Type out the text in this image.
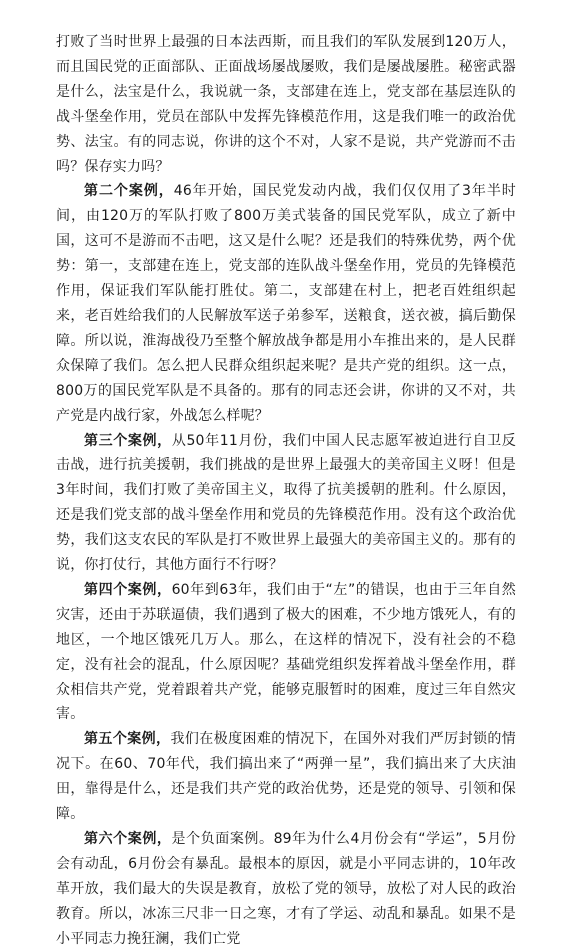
打败了当时世界上最强的日本法西斯，而且我们的军队发展到120万人，而且国民党的正面部队、正面战场屡战屡败，我们是屡战屡胜。秘密武器是什么，法宝是什么，我说就一条，支部建在连上，党支部在基层连队的战斗堡垒作用，党员在部队中发挥先锋模范作用，这是我们唯一的政治优势、法宝。有的同志说，你讲的这个不对，人家不是说，共产党游而不击吗？保存实力吗？

第二个案例，46年开始，国民党发动内战，我们仅仅用了3年半时间，由120万的军队打败了800万美式装备的国民党军队，成立了新中国，这可不是游而不击吧，这又是什么呢？还是我们的特殊优势，两个优势：第一，支部建在连上，党支部的连队战斗堡垒作用，党员的先锋模范作用，保证我们军队能打胜仗。第二，支部建在村上，把老百姓组织起来，老百姓给我们的人民解放军送子弟参军，送粮食，送衣被，搞后勤保障。所以说，淮海战役乃至整个解放战争都是用小车推出来的，是人民群众保障了我们。怎么把人民群众组织起来呢？是共产党的组织。这一点，800万的国民党军队是不具备的。那有的同志还会讲，你讲的又不对，共产党是内战行家，外战怎么样呢？

第三个案例，从50年11月份，我们中国人民志愿军被迫进行自卫反击战，进行抗美援朝，我们挑战的是世界上最强大的美帝国主义呀！但是3年时间，我们打败了美帝国主义，取得了抗美援朝的胜利。什么原因，还是我们党支部的战斗堡垒作用和党员的先锋模范作用。没有这个政治优势，我们这支农民的军队是打不败世界上最强大的美帝国主义的。那有的说，你打仗行，其他方面行不行呀？

第四个案例，60年到63年，我们由于“左”的错误，也由于三年自然灾害，还由于苏联逼债，我们遇到了极大的困难，不少地方饿死人，有的地区，一个地区饿死几万人。那么，在这样的情况下，没有社会的不稳定，没有社会的混乱，什么原因呢？基础党组织发挥着战斗堡垒作用，群众相信共产党，党着跟着共产党，能够克服暂时的困难，度过三年自然灾害。

第五个案例，我们在极度困难的情况下，在国外对我们严厉封锁的情况下。在60、70年代，我们搞出来了“两弹一星”，我们搞出来了大庆油田，靠得是什么，还是我们共产党的政治优势，还是党的领导、引领和保障。

第六个案例，是个负面案例。89年为什么4月份会有“学运”，5月份会有动乱，6月份会有暴乱。最根本的原因，就是小平同志讲的，10年改革开放，我们最大的失误是教育，放松了党的领导，放松了对人民的政治教育。所以，冰冻三尺非一日之寒，才有了学运、动乱和暴乱。如果不是小平同志力挽狂澜，我们亡党
